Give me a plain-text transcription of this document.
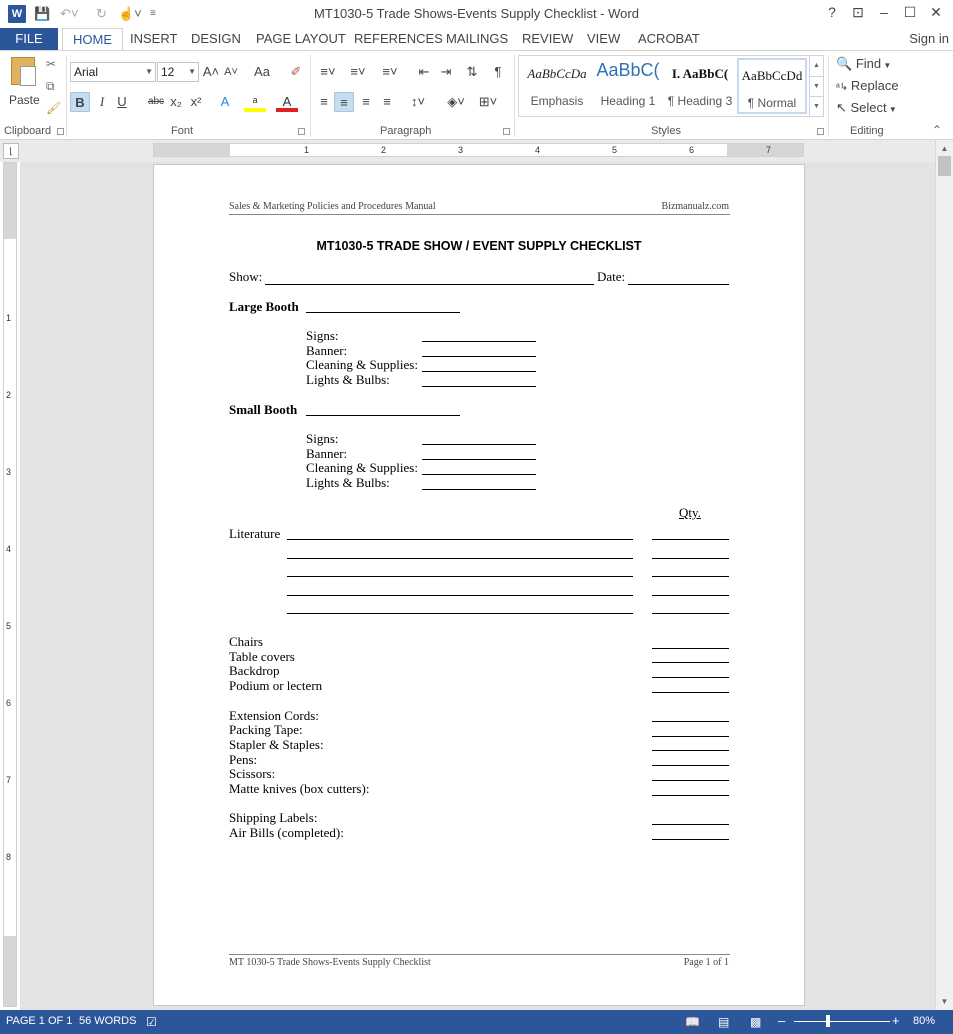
W 💾 ↶˅ ↻ ☝˅ ≡	MT1030-5 Trade Shows-Events Supply Checklist - Word	?	⊡	–	☐ ✕
FILE	HOME	INSERT	DESIGN	PAGE LAYOUT REFERENCES MAILINGS	REVIEW	VIEW	ACROBAT	Sign in
Paste
✂
⧉
🖌
Clipboard
Arial	▼ 12 ▼ A˄ A˅	Aa	✐
B	I	U	abc x₂ x²	A	ᵃ	A
Font
≡˅	≡˅	≡˅	⇤ ⇥	⇅	¶
≡ ≡	≡	≡	↕˅	◈˅	⊞˅
Paragraph
AaBbCcDa
Emphasis
AaBbC(
Heading 1
I. AaBbC(
¶ Heading 3
AaBbCcDd
¶ Normal
▲
▼
▼
Styles
🔍 Find ▼
ᵃ↳ Replace
↖ Select ▼
Editing	⌃
⌊	1	2	3	4	5	6	7
1
2
3
4
5
6
7
8
Sales & Marketing Policies and Procedures Manual	Bizmanualz.com
MT1030-5 TRADE SHOW / EVENT SUPPLY CHECKLIST
Show:	Date:
Large Booth
Signs:
Banner:
Cleaning & Supplies:
Lights & Bulbs:
Small Booth
Signs:
Banner:
Cleaning & Supplies:
Lights & Bulbs:
Qty.
Literature
Chairs
Table covers
Backdrop
Podium or lectern
Extension Cords:
Packing Tape:
Stapler & Staples:
Pens:
Scissors:
Matte knives (box cutters):
Shipping Labels:
Air Bills (completed):
MT 1030-5 Trade Shows-Events Supply Checklist	Page 1 of 1
▲
▼
PAGE 1 OF 1 56 WORDS ☑	📖 ▤ ▩ –	+ 80%
